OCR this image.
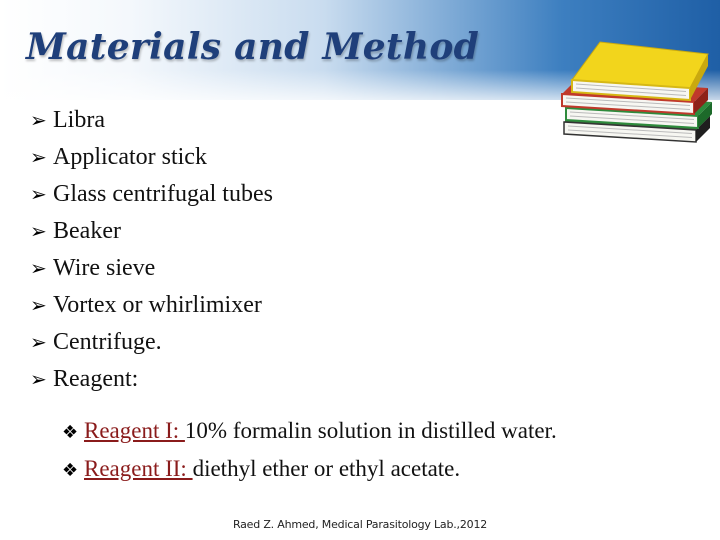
Materials and Method
➢ Libra
➢ Applicator stick
➢ Glass centrifugal tubes
➢ Beaker
➢ Wire sieve
➢ Vortex or whirlimixer
➢ Centrifuge.
➢ Reagent:
❖ Reagent I: 10% formalin solution in distilled water.
❖ Reagent II: diethyl ether or ethyl acetate.
Raed Z. Ahmed, Medical Parasitology Lab.,2012
